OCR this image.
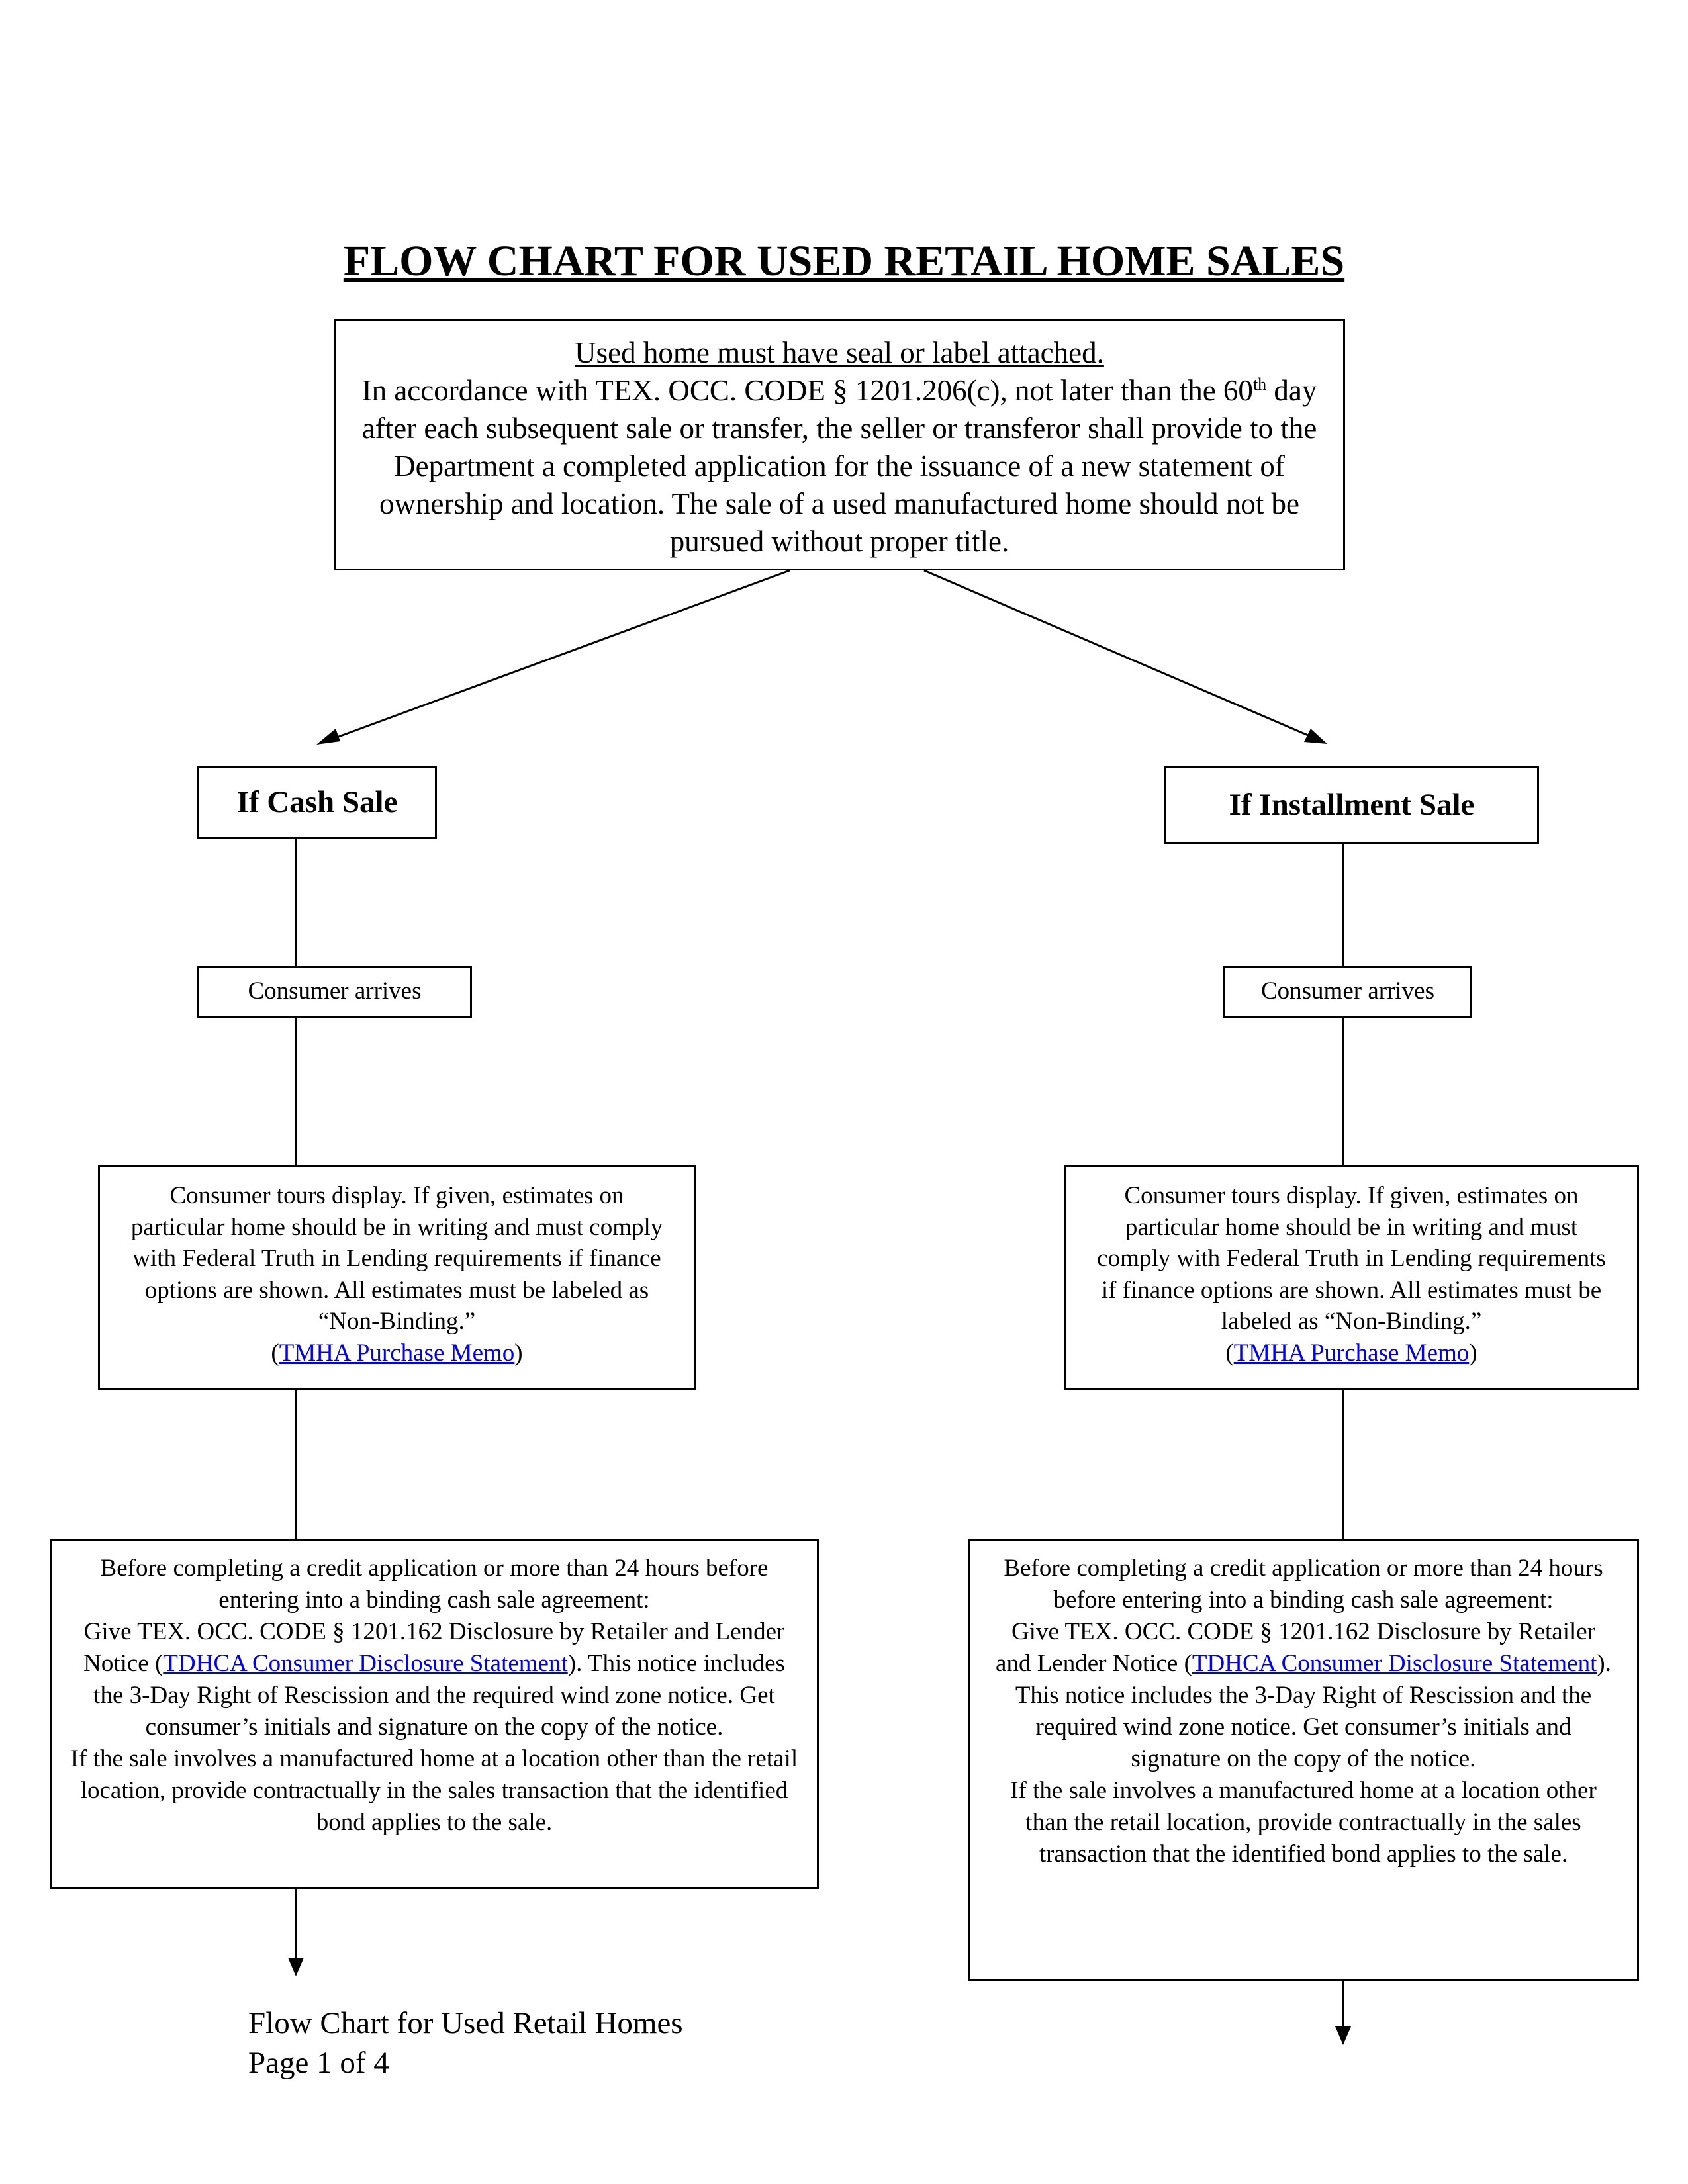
FLOW CHART FOR USED RETAIL HOME SALES
Used home must have seal or label attached.

In accordance with TEX. OCC. CODE § 1201.206(c), not later than the 60th day after each subsequent sale or transfer, the seller or transferor shall provide to the Department a completed application for the issuance of a new statement of ownership and location. The sale of a used manufactured home should not be pursued without proper title.

If Cash Sale	If Installment Sale
Consumer arrives	Consumer arrives
Consumer tours display. If given, estimates on particular home should be in writing and must comply with Federal Truth in Lending requirements if finance options are shown. All estimates must be labeled as “Non-Binding.”

(TMHA Purchase Memo)

Consumer tours display. If given, estimates on particular home should be in writing and must comply with Federal Truth in Lending requirements if finance options are shown. All estimates must be labeled as “Non-Binding.”

(TMHA Purchase Memo)

Before completing a credit application or more than 24 hours before entering into a binding cash sale agreement:

Give TEX. OCC. CODE § 1201.162 Disclosure by Retailer and Lender Notice (TDHCA Consumer Disclosure Statement). This notice includes the 3-Day Right of Rescission and the required wind zone notice. Get consumer’s initials and signature on the copy of the notice.

If the sale involves a manufactured home at a location other than the retail location, provide contractually in the sales transaction that the identified bond applies to the sale.

Before completing a credit application or more than 24 hours before entering into a binding cash sale agreement:

Give TEX. OCC. CODE § 1201.162 Disclosure by Retailer and Lender Notice (TDHCA Consumer Disclosure Statement). This notice includes the 3-Day Right of Rescission and the required wind zone notice. Get consumer’s initials and signature on the copy of the notice.

If the sale involves a manufactured home at a location other than the retail location, provide contractually in the sales transaction that the identified bond applies to the sale.

Flow Chart for Used Retail Homes
Page 1 of 4
